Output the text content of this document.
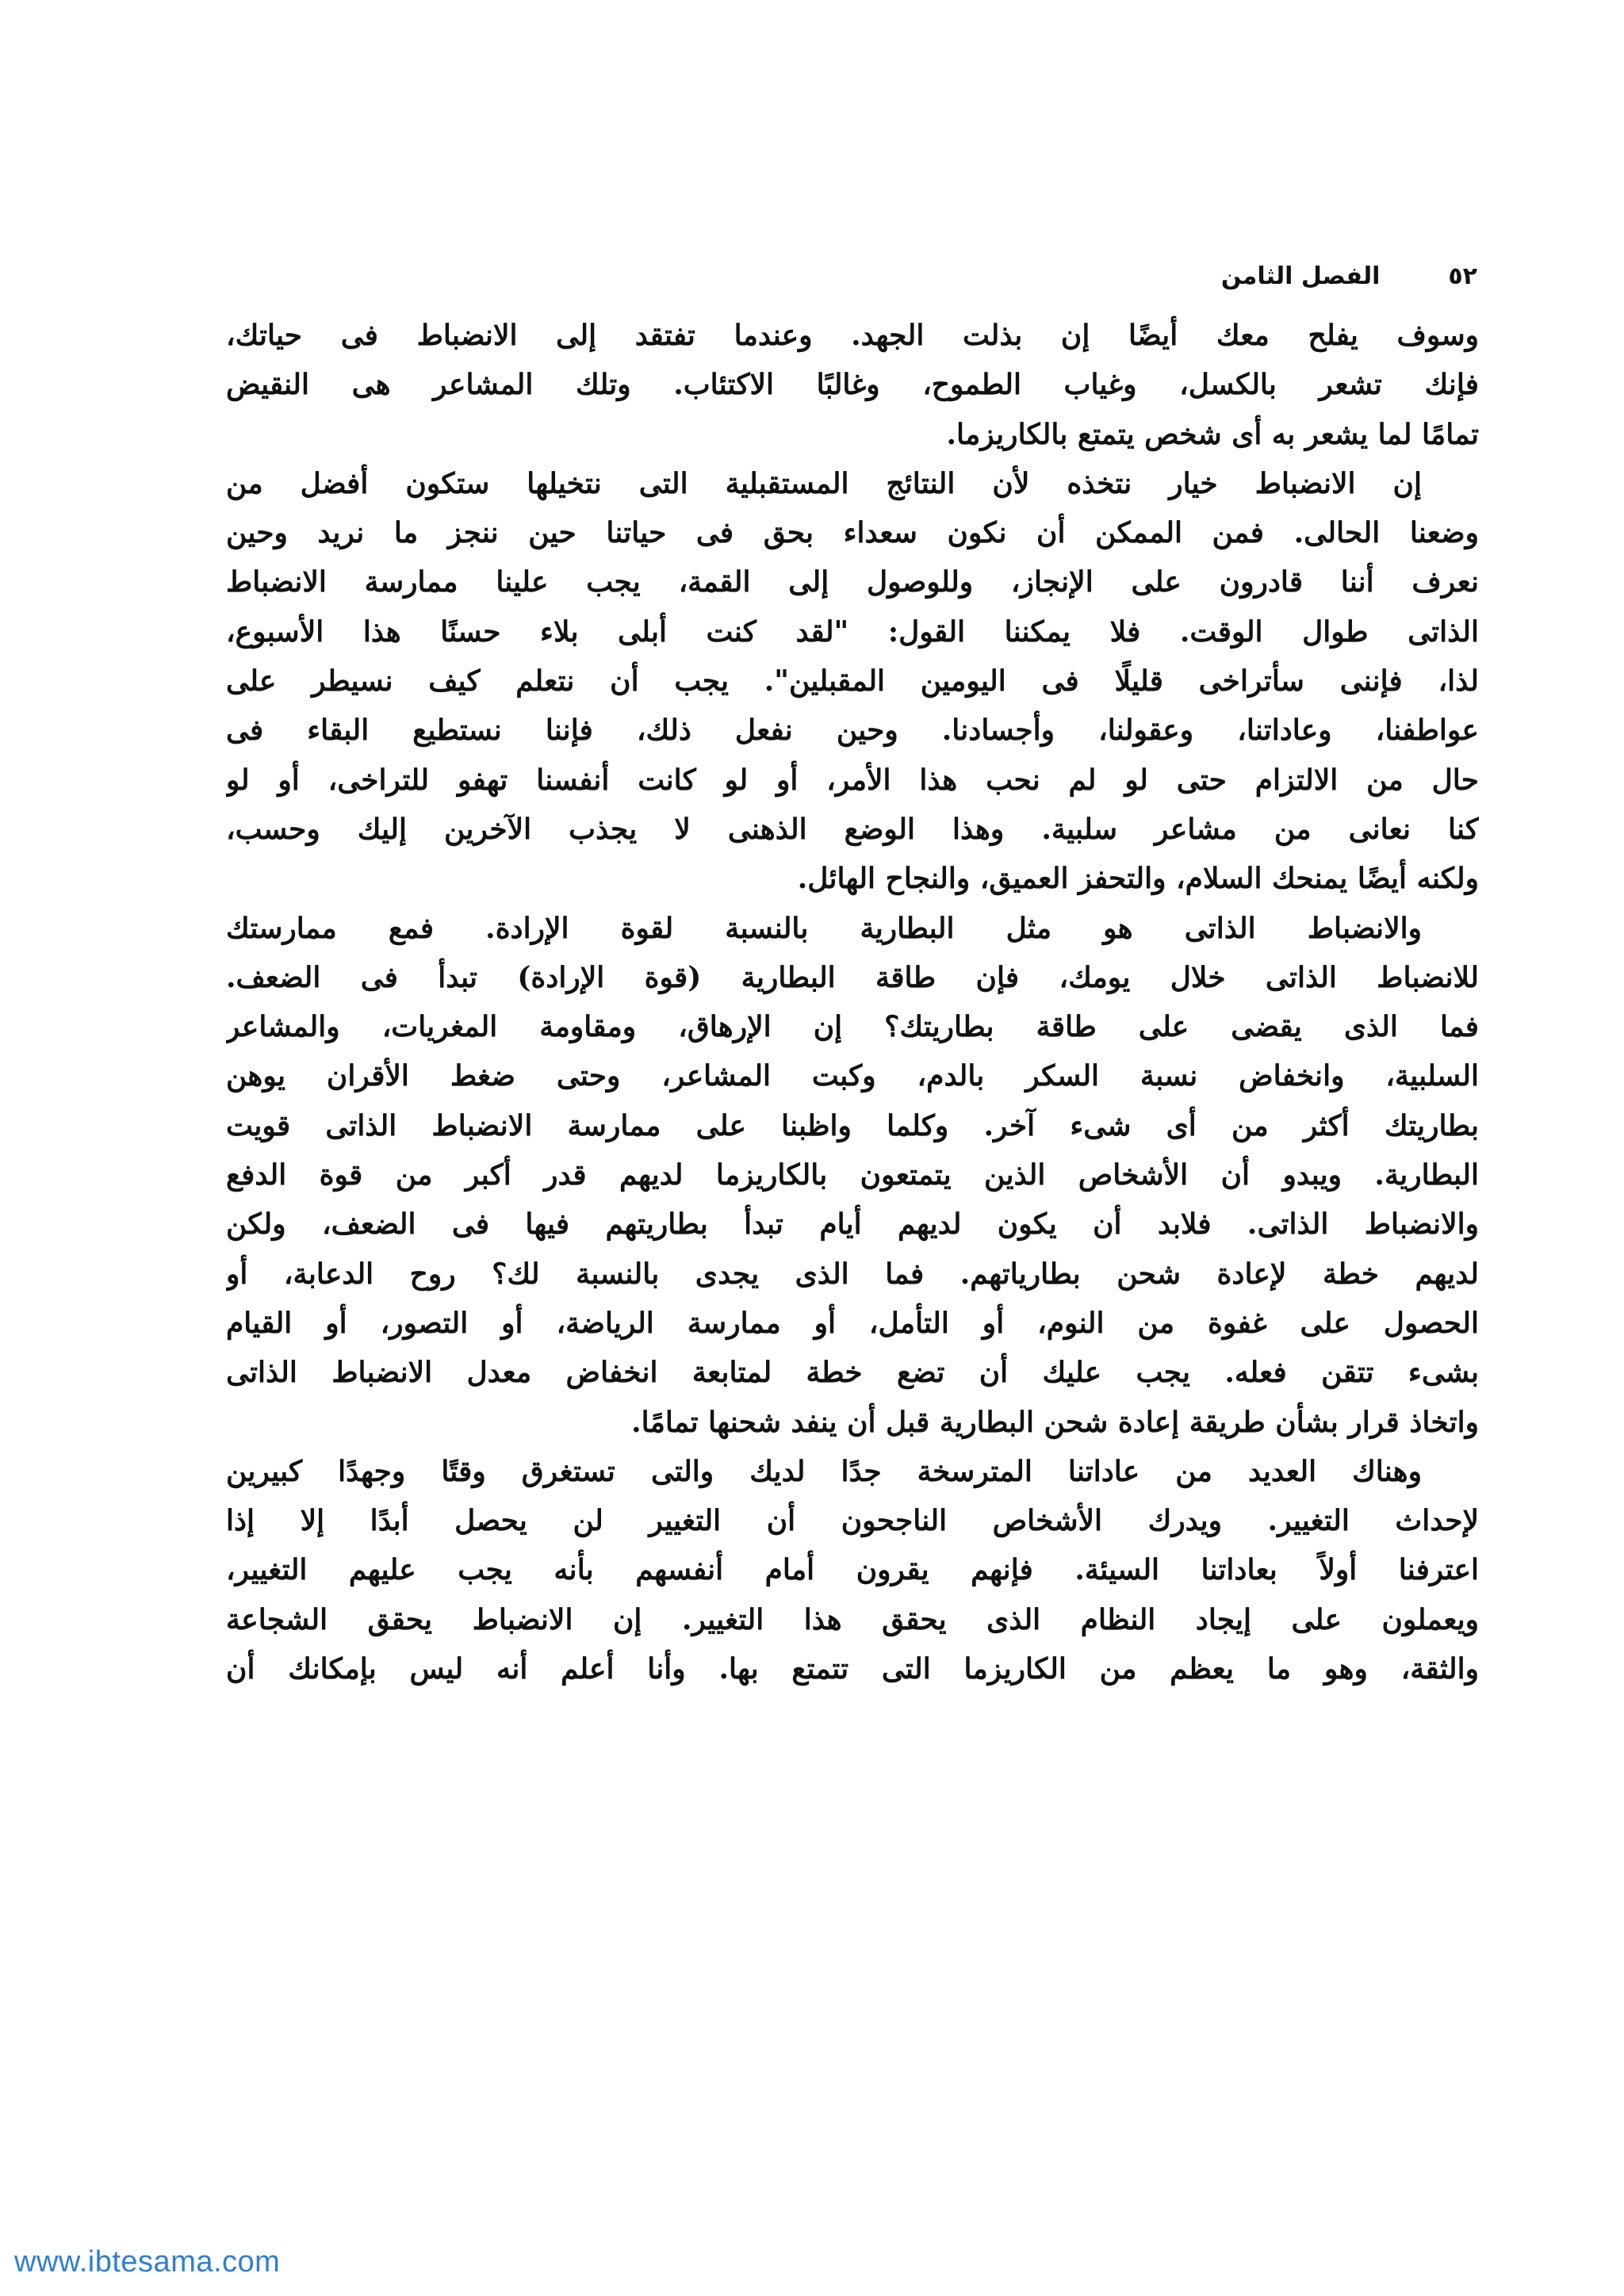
٥٢
الفصل الثامن
وسوف يفلح معك أيضًا إن بذلت الجهد. وعندما تفتقد إلى الانضباط فى حياتك،
فإنك تشعر بالكسل، وغياب الطموح، وغالبًا الاكتئاب. وتلك المشاعر هى النقيض
تمامًا لما يشعر به أى شخص يتمتع بالكاريزما.
إن الانضباط خيار نتخذه لأن النتائج المستقبلية التى نتخيلها ستكون أفضل من
وضعنا الحالى. فمن الممكن أن نكون سعداء بحق فى حياتنا حين ننجز ما نريد وحين
نعرف أننا قادرون على الإنجاز، وللوصول إلى القمة، يجب علينا ممارسة الانضباط
الذاتى طوال الوقت. فلا يمكننا القول: "لقد كنت أبلى بلاء حسنًا هذا الأسبوع،
لذا، فإننى سأتراخى قليلًا فى اليومين المقبلين". يجب أن نتعلم كيف نسيطر على
عواطفنا، وعاداتنا، وعقولنا، وأجسادنا. وحين نفعل ذلك، فإننا نستطيع البقاء فى
حال من الالتزام حتى لو لم نحب هذا الأمر، أو لو كانت أنفسنا تهفو للتراخى، أو لو
كنا نعانى من مشاعر سلبية. وهذا الوضع الذهنى لا يجذب الآخرين إليك وحسب،
ولكنه أيضًا يمنحك السلام، والتحفز العميق، والنجاح الهائل.
والانضباط الذاتى هو مثل البطارية بالنسبة لقوة الإرادة. فمع ممارستك
للانضباط الذاتى خلال يومك، فإن طاقة البطارية (قوة الإرادة) تبدأ فى الضعف.
فما الذى يقضى على طاقة بطاريتك؟ إن الإرهاق، ومقاومة المغريات، والمشاعر
السلبية، وانخفاض نسبة السكر بالدم، وكبت المشاعر، وحتى ضغط الأقران يوهن
بطاريتك أكثر من أى شىء آخر. وكلما واظبنا على ممارسة الانضباط الذاتى قويت
البطارية. ويبدو أن الأشخاص الذين يتمتعون بالكاريزما لديهم قدر أكبر من قوة الدفع
والانضباط الذاتى. فلابد أن يكون لديهم أيام تبدأ بطاريتهم فيها فى الضعف، ولكن
لديهم خطة لإعادة شحن بطارياتهم. فما الذى يجدى بالنسبة لك؟ روح الدعابة، أو
الحصول على غفوة من النوم، أو التأمل، أو ممارسة الرياضة، أو التصور، أو القيام
بشىء تتقن فعله. يجب عليك أن تضع خطة لمتابعة انخفاض معدل الانضباط الذاتى
واتخاذ قرار بشأن طريقة إعادة شحن البطارية قبل أن ينفد شحنها تمامًا.
وهناك العديد من عاداتنا المترسخة جدًا لديك والتى تستغرق وقتًا وجهدًا كبيرين
لإحداث التغيير. ويدرك الأشخاص الناجحون أن التغيير لن يحصل أبدًا إلا إذا
اعترفنا أولاً بعاداتنا السيئة. فإنهم يقرون أمام أنفسهم بأنه يجب عليهم التغيير،
ويعملون على إيجاد النظام الذى يحقق هذا التغيير. إن الانضباط يحقق الشجاعة
والثقة، وهو ما يعظم من الكاريزما التى تتمتع بها. وأنا أعلم أنه ليس بإمكانك أن
www.ibtesama.com
